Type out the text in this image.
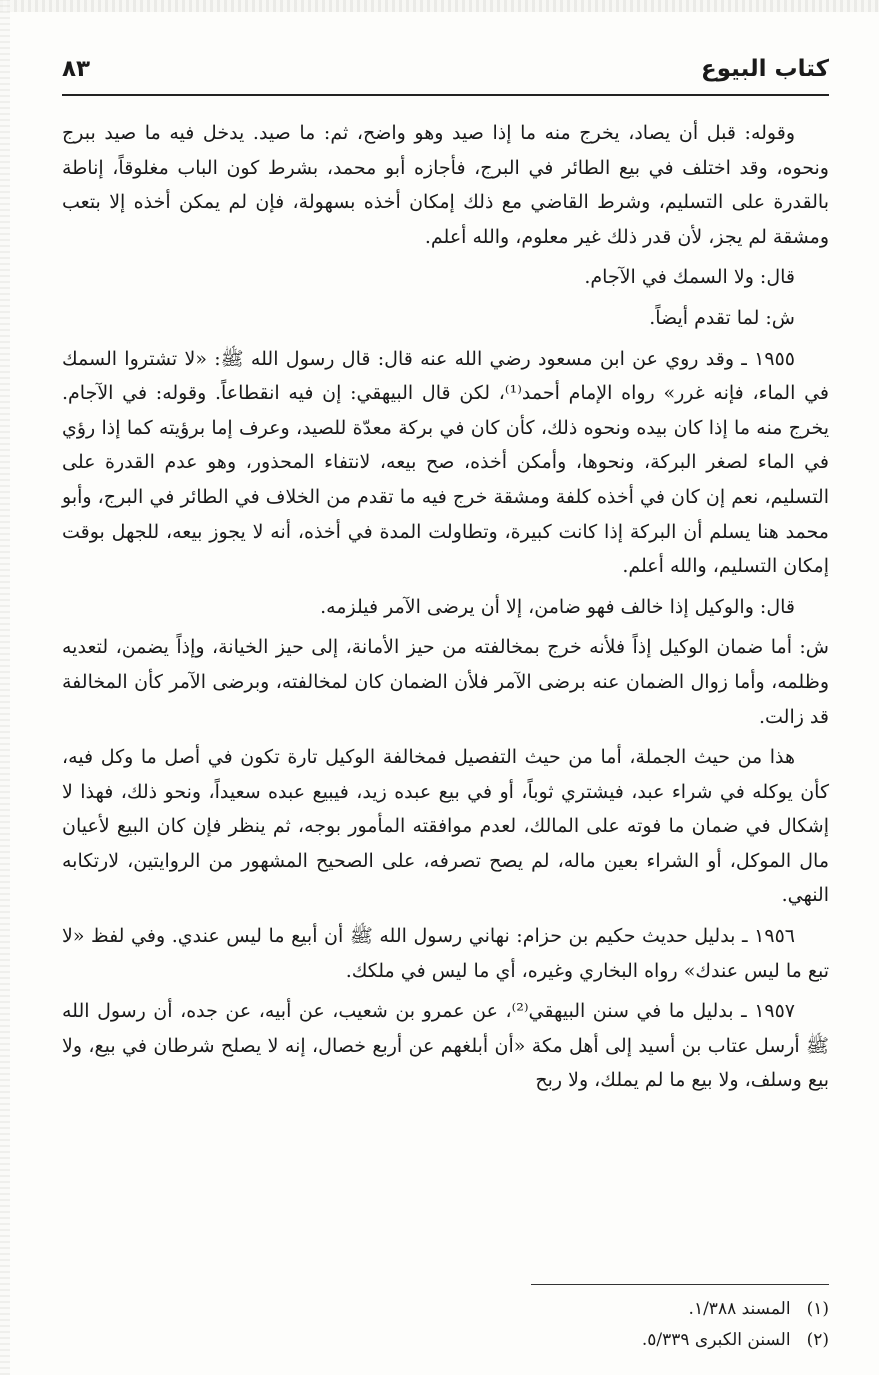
كتاب البيوع
٨٣

وقوله: قبل أن يصاد، يخرج منه ما إذا صيد وهو واضح، ثم: ما صيد. يدخل فيه ما صيد ببرج ونحوه، وقد اختلف في بيع الطائر في البرج، فأجازه أبو محمد، بشرط كون الباب مغلوقاً، إناطة بالقدرة على التسليم، وشرط القاضي مع ذلك إمكان أخذه بسهولة، فإن لم يمكن أخذه إلا بتعب ومشقة لم يجز، لأن قدر ذلك غير معلوم، والله أعلم.

قال: ولا السمك في الآجام.

ش: لما تقدم أيضاً.

١٩٥٥ ـ وقد روي عن ابن مسعود رضي الله عنه قال: قال رسول الله ﷺ: «لا تشتروا السمك في الماء، فإنه غرر» رواه الإمام أحمد⁽¹⁾، لكن قال البيهقي: إن فيه انقطاعاً. وقوله: في الآجام. يخرج منه ما إذا كان بيده ونحوه ذلك، كأن كان في بركة معدّة للصيد، وعرف إما برؤيته كما إذا رؤي في الماء لصغر البركة، ونحوها، وأمكن أخذه، صح بيعه، لانتفاء المحذور، وهو عدم القدرة على التسليم، نعم إن كان في أخذه كلفة ومشقة خرج فيه ما تقدم من الخلاف في الطائر في البرج، وأبو محمد هنا يسلم أن البركة إذا كانت كبيرة، وتطاولت المدة في أخذه، أنه لا يجوز بيعه، للجهل بوقت إمكان التسليم، والله أعلم.

قال: والوكيل إذا خالف فهو ضامن، إلا أن يرضى الآمر فيلزمه.

ش: أما ضمان الوكيل إذاً فلأنه خرج بمخالفته من حيز الأمانة، إلى حيز الخيانة، وإذاً يضمن، لتعديه وظلمه، وأما زوال الضمان عنه برضى الآمر فلأن الضمان كان لمخالفته، وبرضى الآمر كأن المخالفة قد زالت.

هذا من حيث الجملة، أما من حيث التفصيل فمخالفة الوكيل تارة تكون في أصل ما وكل فيه، كأن يوكله في شراء عبد، فيشتري ثوباً، أو في بيع عبده زيد، فيبيع عبده سعيداً، ونحو ذلك، فهذا لا إشكال في ضمان ما فوته على المالك، لعدم موافقته المأمور بوجه، ثم ينظر فإن كان البيع لأعيان مال الموكل، أو الشراء بعين ماله، لم يصح تصرفه، على الصحيح المشهور من الروايتين، لارتكابه النهي.

١٩٥٦ ـ بدليل حديث حكيم بن حزام: نهاني رسول الله ﷺ أن أبيع ما ليس عندي. وفي لفظ «لا تبع ما ليس عندك» رواه البخاري وغيره، أي ما ليس في ملكك.

١٩٥٧ ـ بدليل ما في سنن البيهقي⁽²⁾، عن عمرو بن شعيب، عن أبيه، عن جده، أن رسول الله ﷺ أرسل عتاب بن أسيد إلى أهل مكة «أن أبلغهم عن أربع خصال، إنه لا يصلح شرطان في بيع، ولا بيع وسلف، ولا بيع ما لم يملك، ولا ربح

(١)المسند ١/٣٨٨.
(٢)السنن الكبرى ٥/٣٣٩.
